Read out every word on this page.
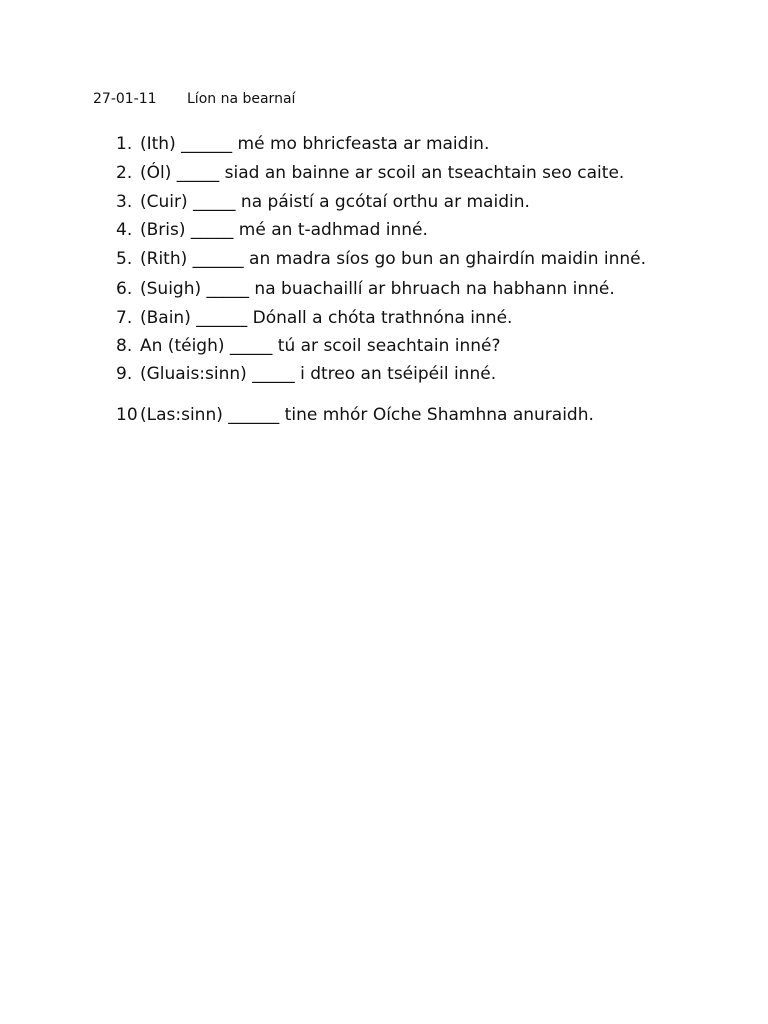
27-01-11 Líon na bearnaí
1. (Ith) ______ mé mo bhricfeasta ar maidin.
2. (Ól) _____ siad an bainne ar scoil an tseachtain seo caite.
3. (Cuir) _____ na páistí a gcótaí orthu ar maidin.
4. (Bris) _____ mé an t-adhmad inné.
5. (Rith) ______ an madra síos go bun an ghairdín maidin inné.
6. (Suigh) _____ na buachaillí ar bhruach na habhann inné.
7. (Bain) ______ Dónall a chóta trathnóna inné.
8. An (téigh) _____ tú ar scoil seachtain inné?
9. (Gluais:sinn) _____ i dtreo an tséipéil inné.
10 (Las:sinn) ______ tine mhór Oíche Shamhna anuraidh.
